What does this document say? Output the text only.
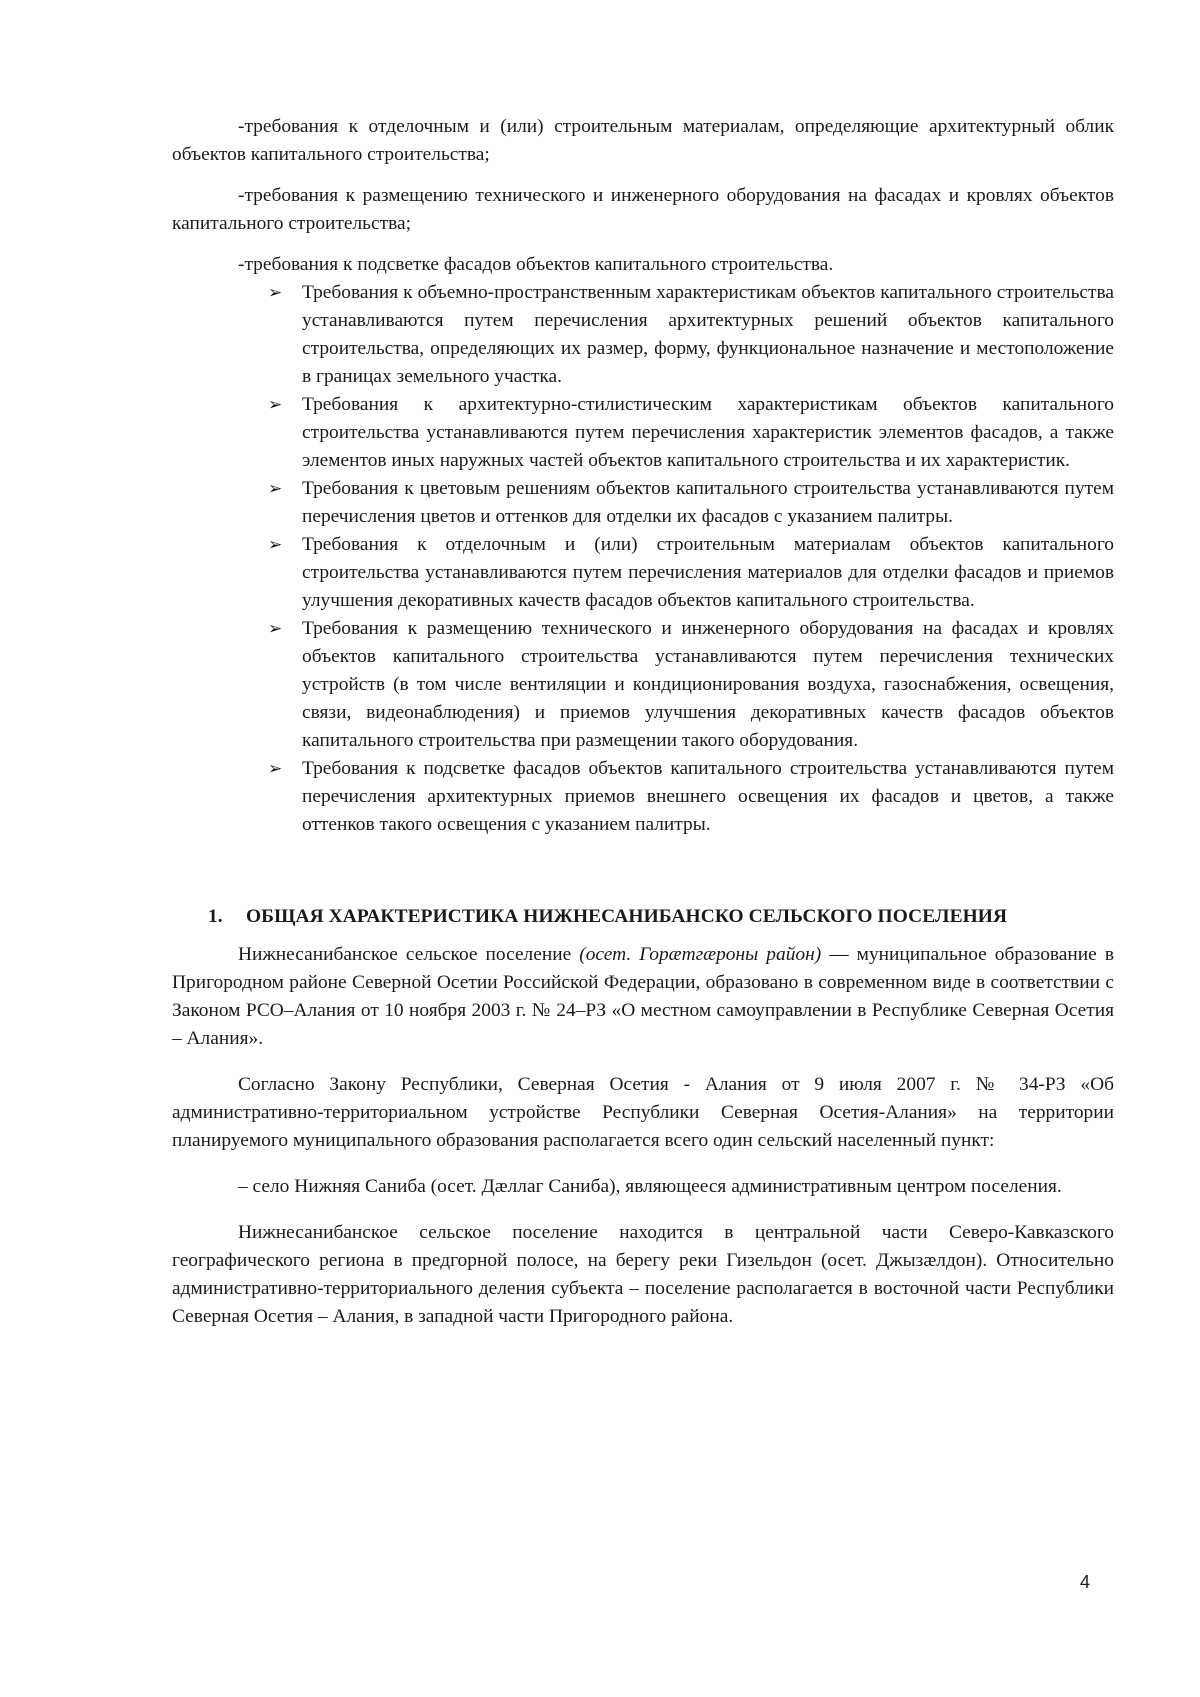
-требования к отделочным и (или) строительным материалам, определяющие архитектурный облик объектов капитального строительства;

-требования к размещению технического и инженерного оборудования на фасадах и кровлях объектов капитального строительства;

-требования к подсветке фасадов объектов капитального строительства.

➢ Требования к объемно-пространственным характеристикам объектов капитального строительства устанавливаются путем перечисления архитектурных решений объектов капитального строительства, определяющих их размер, форму, функциональное назначение и местоположение в границах земельного участка.
➢ Требования к архитектурно-стилистическим характеристикам объектов капитального строительства устанавливаются путем перечисления характеристик элементов фасадов, а также элементов иных наружных частей объектов капитального строительства и их характеристик.
➢ Требования к цветовым решениям объектов капитального строительства устанавливаются путем перечисления цветов и оттенков для отделки их фасадов с указанием палитры.
➢ Требования к отделочным и (или) строительным материалам объектов капитального строительства устанавливаются путем перечисления материалов для отделки фасадов и приемов улучшения декоративных качеств фасадов объектов капитального строительства.
➢ Требования к размещению технического и инженерного оборудования на фасадах и кровлях объектов капитального строительства устанавливаются путем перечисления технических устройств (в том числе вентиляции и кондиционирования воздуха, газоснабжения, освещения, связи, видеонаблюдения) и приемов улучшения декоративных качеств фасадов объектов капитального строительства при размещении такого оборудования.
➢ Требования к подсветке фасадов объектов капитального строительства устанавливаются путем перечисления архитектурных приемов внешнего освещения их фасадов и цветов, а также оттенков такого освещения с указанием палитры.
1. ОБЩАЯ ХАРАКТЕРИСТИКА НИЖНЕСАНИБАНСКО СЕЛЬСКОГО ПОСЕЛЕНИЯ

Нижнесанибанское сельское поселение (осет. Горæтгæроны район) — муниципальное образование в Пригородном районе Северной Осетии Российской Федерации, образовано в современном виде в соответствии с Законом РСО–Алания от 10 ноября 2003 г. № 24–РЗ «О местном самоуправлении в Республике Северная Осетия – Алания».

Согласно Закону Республики, Северная Осетия - Алания от 9 июля 2007 г. № 34-РЗ «Об административно-территориальном устройстве Республики Северная Осетия-Алания» на территории планируемого муниципального образования располагается всего один сельский населенный пункт:

– село Нижняя Саниба (осет. Дæллаг Саниба), являющееся административным центром поселения.

Нижнесанибанское сельское поселение находится в центральной части Северо-Кавказского географического региона в предгорной полосе, на берегу реки Гизельдон (осет. Джызæлдон). Относительно административно-территориального деления субъекта – поселение располагается в восточной части Республики Северная Осетия – Алания, в западной части Пригородного района.

4
